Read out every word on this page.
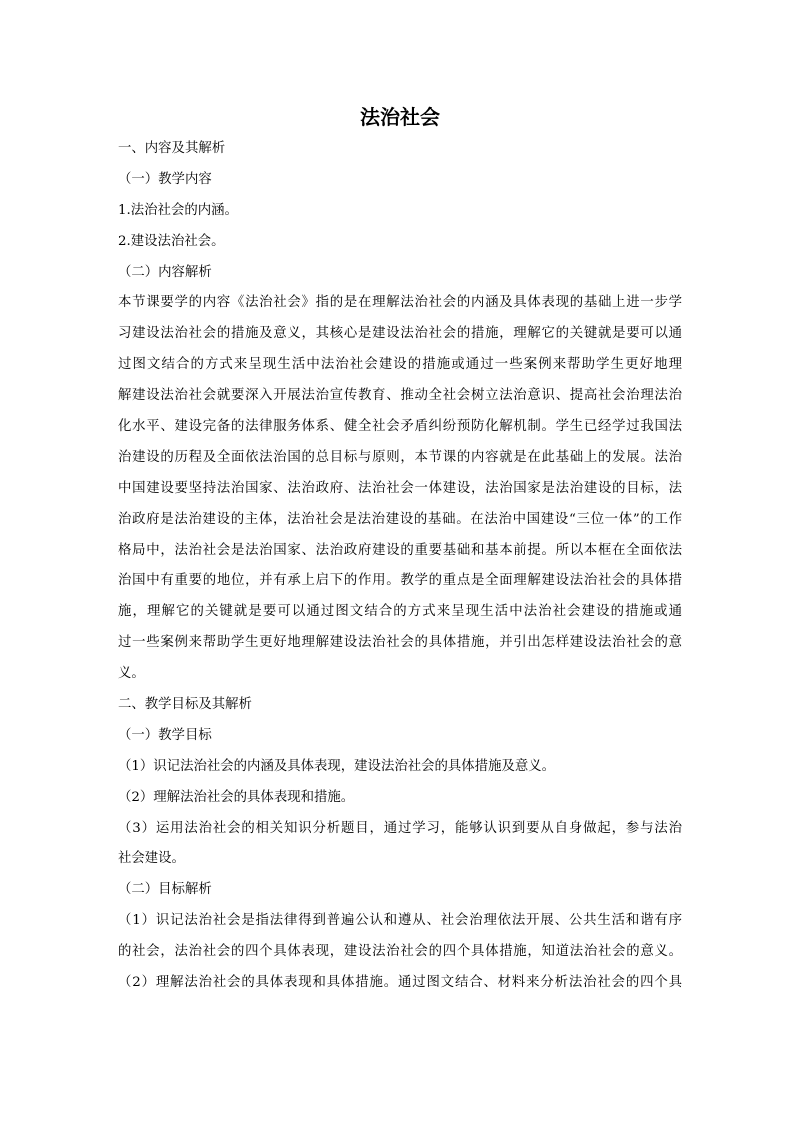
法治社会
一、内容及其解析
（一）教学内容
1.法治社会的内涵。
2.建设法治社会。
（二）内容解析
本节课要学的内容《法治社会》指的是在理解法治社会的内涵及具体表现的基础上进一步学
习建设法治社会的措施及意义，其核心是建设法治社会的措施，理解它的关键就是要可以通
过图文结合的方式来呈现生活中法治社会建设的措施或通过一些案例来帮助学生更好地理
解建设法治社会就要深入开展法治宣传教育、推动全社会树立法治意识、提高社会治理法治
化水平、建设完备的法律服务体系、健全社会矛盾纠纷预防化解机制。学生已经学过我国法
治建设的历程及全面依法治国的总目标与原则，本节课的内容就是在此基础上的发展。法治
中国建设要坚持法治国家、法治政府、法治社会一体建设，法治国家是法治建设的目标，法
治政府是法治建设的主体，法治社会是法治建设的基础。在法治中国建设“三位一体”的工作
格局中，法治社会是法治国家、法治政府建设的重要基础和基本前提。所以本框在全面依法
治国中有重要的地位，并有承上启下的作用。教学的重点是全面理解建设法治社会的具体措
施，理解它的关键就是要可以通过图文结合的方式来呈现生活中法治社会建设的措施或通
过一些案例来帮助学生更好地理解建设法治社会的具体措施，并引出怎样建设法治社会的意
义。
二、教学目标及其解析
（一）教学目标
（1）识记法治社会的内涵及具体表现，建设法治社会的具体措施及意义。
（2）理解法治社会的具体表现和措施。
（3）运用法治社会的相关知识分析题目，通过学习，能够认识到要从自身做起，参与法治
社会建设。
（二）目标解析
（1）识记法治社会是指法律得到普遍公认和遵从、社会治理依法开展、公共生活和谐有序
的社会，法治社会的四个具体表现，建设法治社会的四个具体措施，知道法治社会的意义。
（2）理解法治社会的具体表现和具体措施。通过图文结合、材料来分析法治社会的四个具
